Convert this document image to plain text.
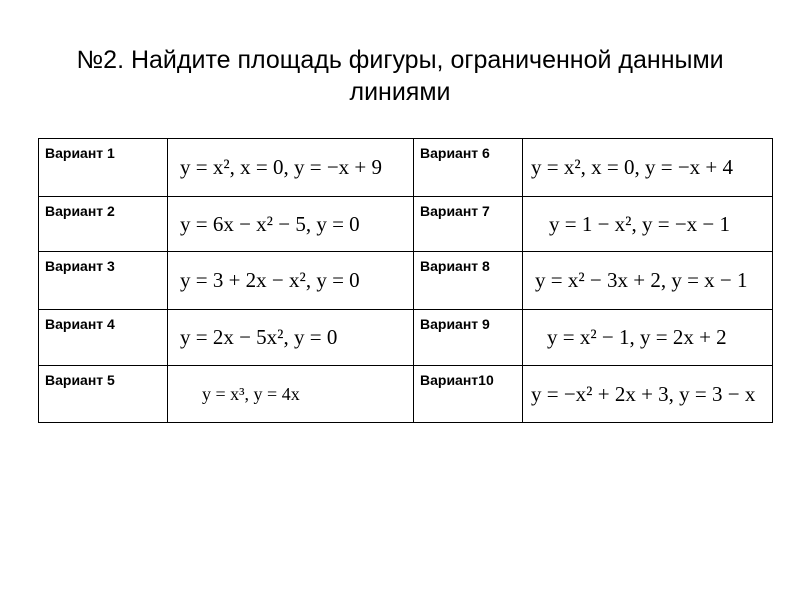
№2. Найдите площадь фигуры, ограниченной данными
линиями
Вариант 1	y = x², x = 0, y = −x + 9	Вариант 6	y = x², x = 0, y = −x + 4

Вариант 2	y = 6x − x² − 5, y = 0	Вариант 7	y = 1 − x², y = −x − 1

Вариант 3	y = 3 + 2x − x², y = 0	Вариант 8	y = x² − 3x + 2, y = x − 1

Вариант 4	y = 2x − 5x², y = 0	Вариант 9	y = x² − 1, y = 2x + 2

Вариант 5	y = x³, y = 4x	Вариант10	y = −x² + 2x + 3, y = 3 − x
